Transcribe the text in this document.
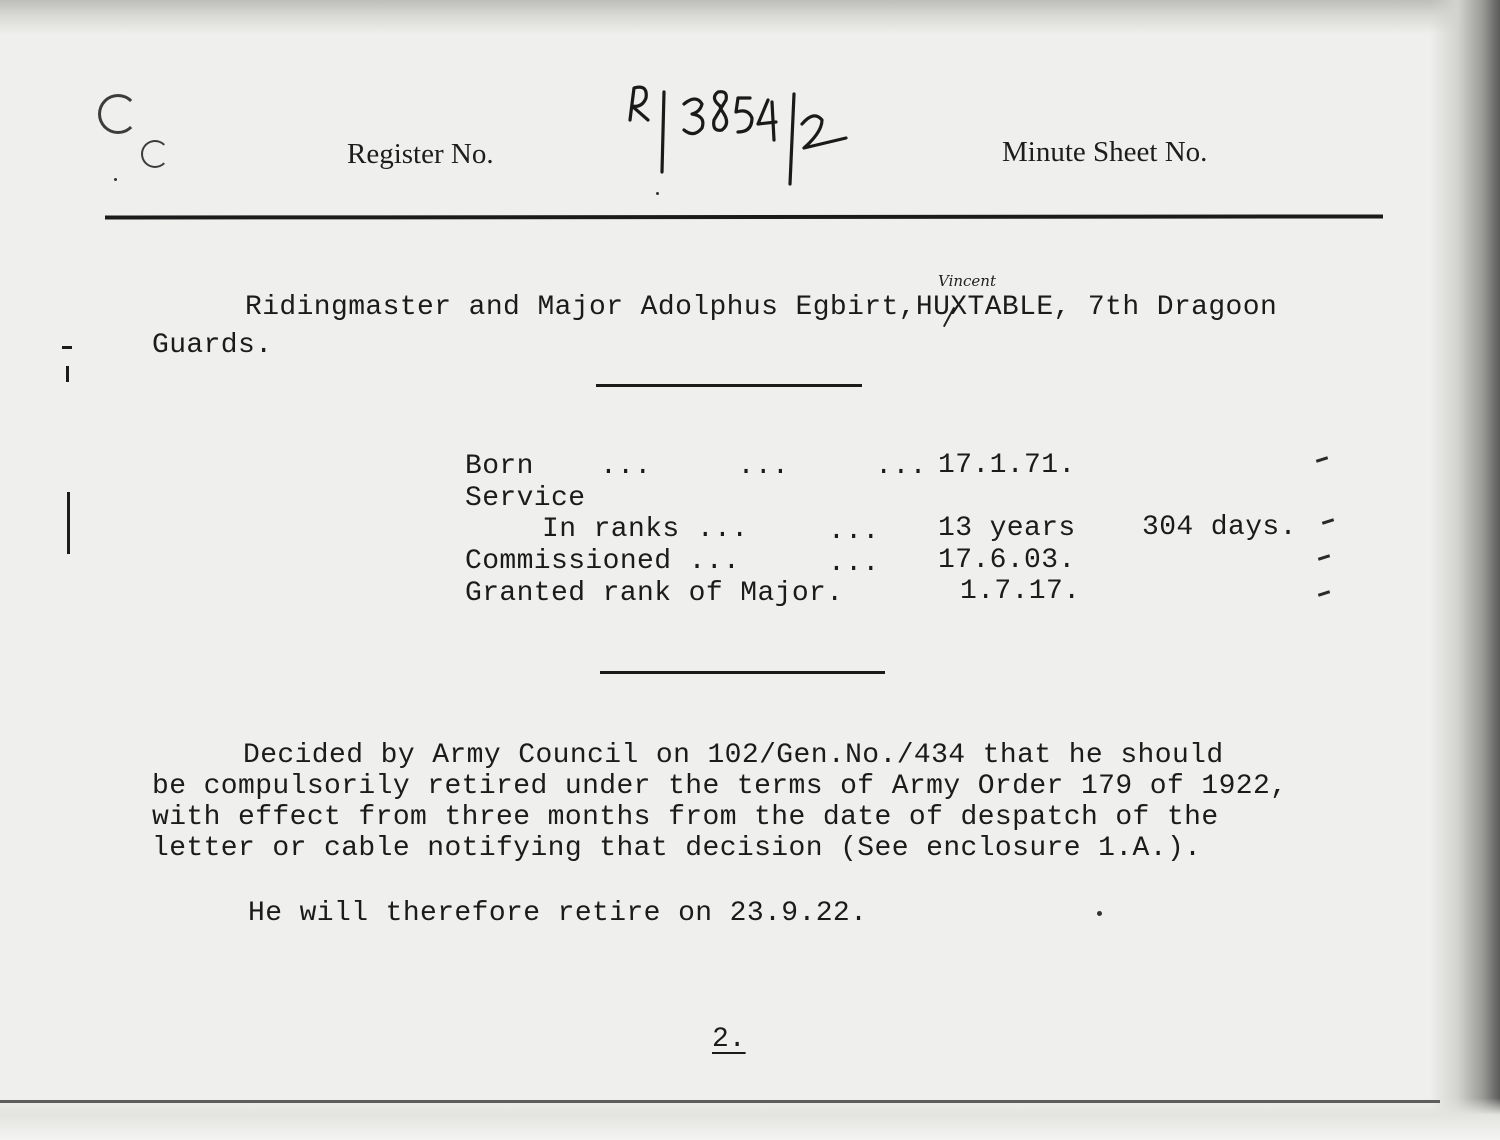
Register No.	Minute Sheet No.
Vincent
Ridingmaster and Major Adolphus Egbirt,HUXTABLE, 7th Dragoon
Guards.
Born ...     ...     ... 17.1.71.
Service
In ranks ...	... 13 years 304 days.
Commissioned ...	... 17.6.03.
Granted rank of Major.	1.7.17.
Decided by Army Council on 102/Gen.No./434 that he should
be compulsorily retired under the terms of Army Order 179 of 1922,
with effect from three months from the date of despatch of the
letter or cable notifying that decision (See enclosure 1.A.).
He will therefore retire on 23.9.22.
2.
